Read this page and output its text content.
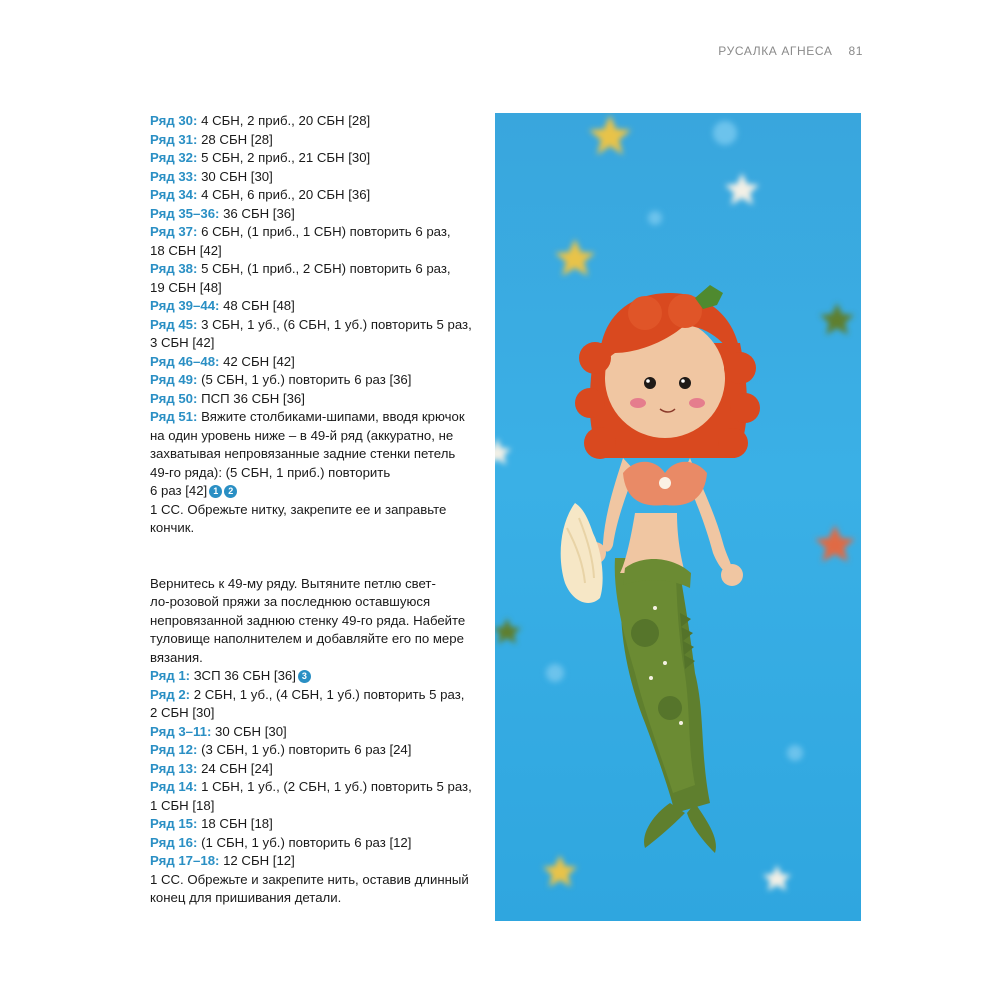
РУСАЛКА АГНЕСА 81
Ряд 30: 4 СБН, 2 приб., 20 СБН [28]
Ряд 31: 28 СБН [28]
Ряд 32: 5 СБН, 2 приб., 21 СБН [30]
Ряд 33: 30 СБН [30]
Ряд 34: 4 СБН, 6 приб., 20 СБН [36]
Ряд 35–36: 36 СБН [36]
Ряд 37: 6 СБН, (1 приб., 1 СБН) повторить 6 раз,
18 СБН [42]
Ряд 38: 5 СБН, (1 приб., 2 СБН) повторить 6 раз,
19 СБН [48]
Ряд 39–44: 48 СБН [48]
Ряд 45: 3 СБН, 1 уб., (6 СБН, 1 уб.) повторить 5 раз,
3 СБН [42]
Ряд 46–48: 42 СБН [42]
Ряд 49: (5 СБН, 1 уб.) повторить 6 раз [36]
Ряд 50: ПСП 36 СБН [36]
Ряд 51: Вяжите столбиками-шипами, вводя крючок
на один уровень ниже – в 49-й ряд (аккуратно, не
захватывая непровязанные задние стенки петель
49-го ряда): (5 СБН, 1 приб.) повторить
6 раз [42] 1 2
1 СС. Обрежьте нитку, закрепите ее и заправьте
кончик.
Вернитесь к 49-му ряду. Вытяните петлю свет-
ло-розовой пряжи за последнюю оставшуюся
непровязанной заднюю стенку 49-го ряда. Набейте
туловище наполнителем и добавляйте его по мере
вязания.
Ряд 1: ЗСП 36 СБН [36] 3
Ряд 2: 2 СБН, 1 уб., (4 СБН, 1 уб.) повторить 5 раз,
2 СБН [30]
Ряд 3–11: 30 СБН [30]
Ряд 12: (3 СБН, 1 уб.) повторить 6 раз [24]
Ряд 13: 24 СБН [24]
Ряд 14: 1 СБН, 1 уб., (2 СБН, 1 уб.) повторить 5 раз,
1 СБН [18]
Ряд 15: 18 СБН [18]
Ряд 16: (1 СБН, 1 уб.) повторить 6 раз [12]
Ряд 17–18: 12 СБН [12]
1 СС. Обрежьте и закрепите нить, оставив длинный
конец для пришивания детали.
